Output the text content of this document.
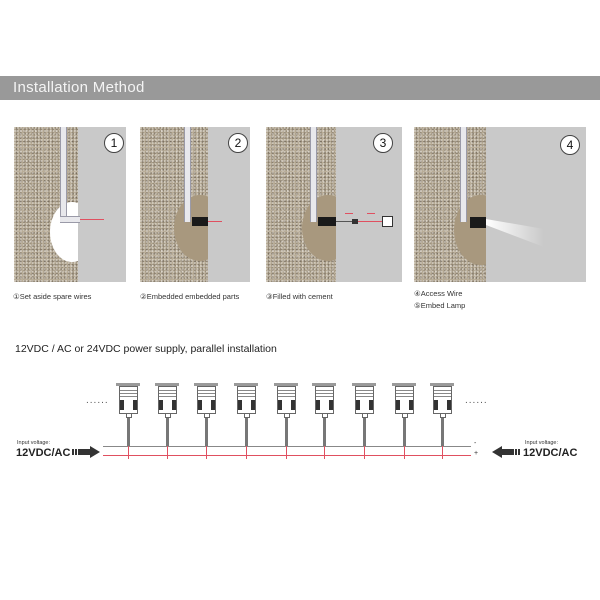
Installation Method
1
①Set aside spare wires
2
②Embedded embedded parts
3
③Filled with cement
4
④Access Wire
⑤Embed Lamp
12VDC / AC or 24VDC power supply, parallel installation
......	......
-
+
Input voltage:
12VDC/AC
Input voltage:
12VDC/AC
